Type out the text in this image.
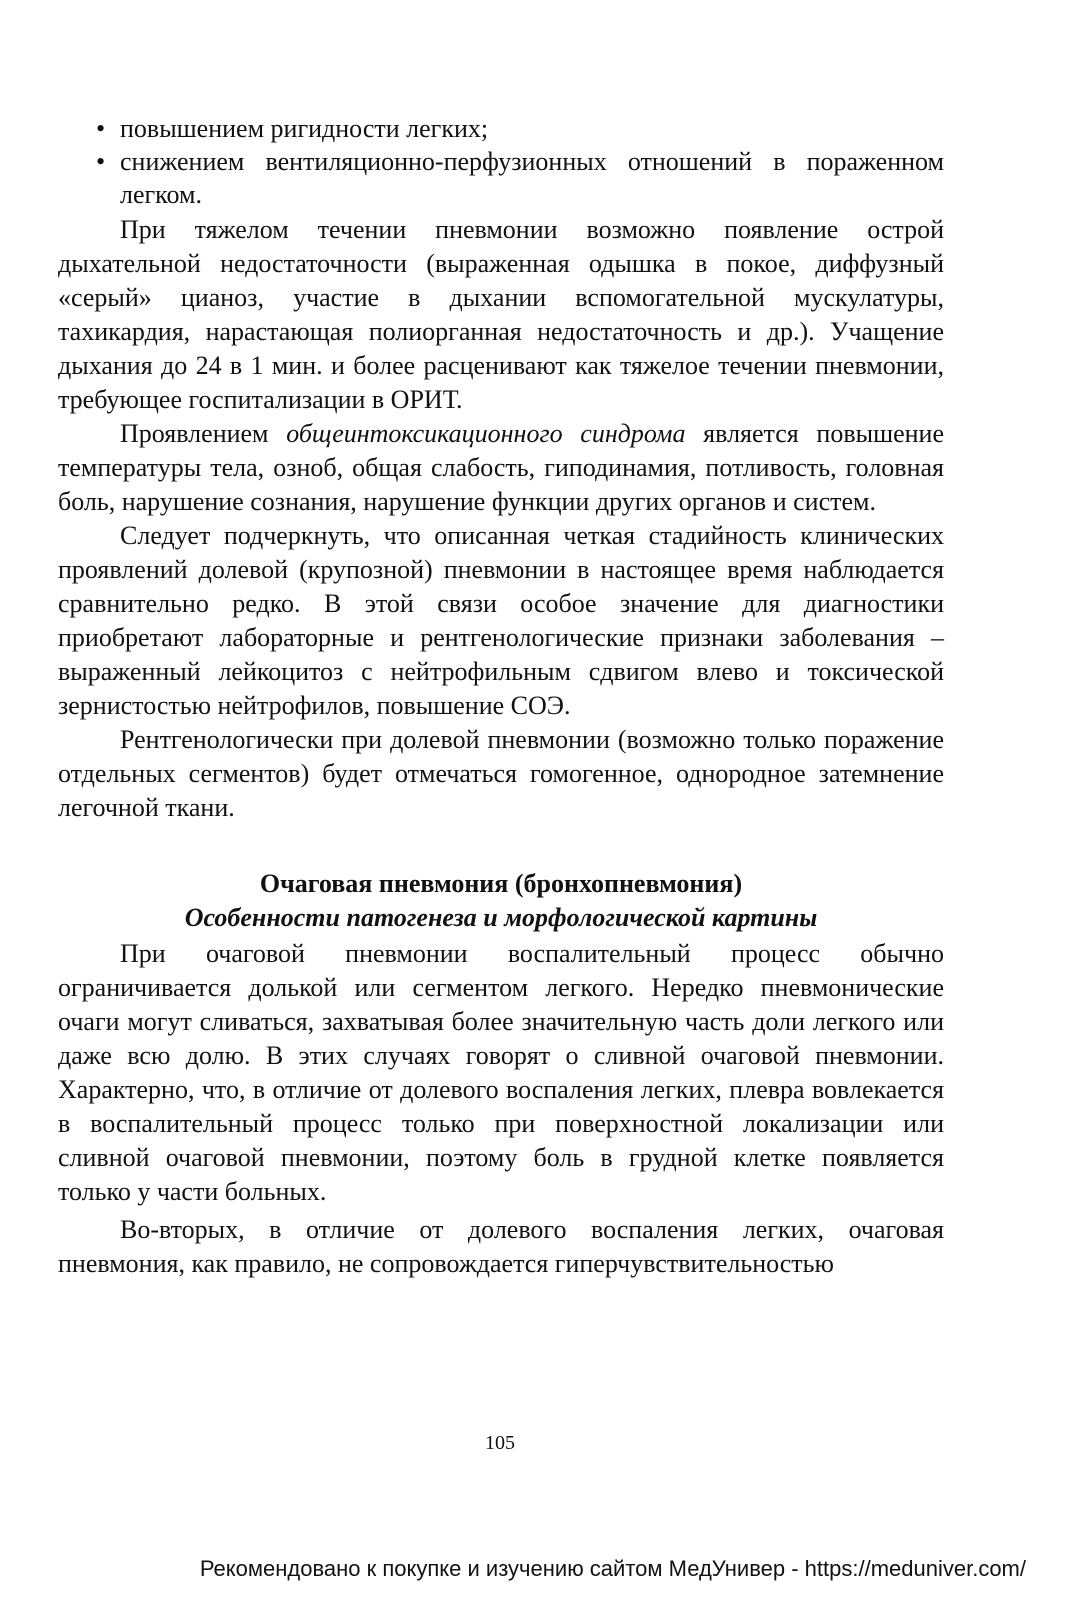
• повышением ригидности легких;
• снижением вентиляционно-перфузионных отношений в пораженном легком.

При тяжелом течении пневмонии возможно появление острой дыхательной недостаточности (выраженная одышка в покое, диффузный «серый» цианоз, участие в дыхании вспомогательной мускулатуры, тахикардия, нарастающая полиорганная недостаточность и др.). Учащение дыхания до 24 в 1 мин. и более расценивают как тяжелое течении пневмонии, требующее госпитализации в ОРИТ.

Проявлением общеинтоксикационного синдрома является повышение температуры тела, озноб, общая слабость, гиподинамия, потливость, головная боль, нарушение сознания, нарушение функции других органов и систем.

Следует подчеркнуть, что описанная четкая стадийность клинических проявлений долевой (крупозной) пневмонии в настоящее время наблюдается сравнительно редко. В этой связи особое значение для диагностики приобретают лабораторные и рентгенологические признаки заболевания – выраженный лейкоцитоз с нейтрофильным сдвигом влево и токсической зернистостью нейтрофилов, повышение СОЭ.

Рентгенологически при долевой пневмонии (возможно только поражение отдельных сегментов) будет отмечаться гомогенное, однородное затемнение легочной ткани.

Очаговая пневмония (бронхопневмония)
Особенности патогенеза и морфологической картины

При очаговой пневмонии воспалительный процесс обычно ограничивается долькой или сегментом легкого. Нередко пневмонические очаги могут сливаться, захватывая более значительную часть доли легкого или даже всю долю. В этих случаях говорят о сливной очаговой пневмонии. Характерно, что, в отличие от долевого воспаления легких, плевра вовлекается в воспалительный процесс только при поверхностной локализации или сливной очаговой пневмонии, поэтому боль в грудной клетке появляется только у части больных.

Во-вторых, в отличие от долевого воспаления легких, очаговая пневмония, как правило, не сопровождается гиперчувствительностью

105
Рекомендовано к покупке и изучению сайтом МедУнивер - https://meduniver.com/
